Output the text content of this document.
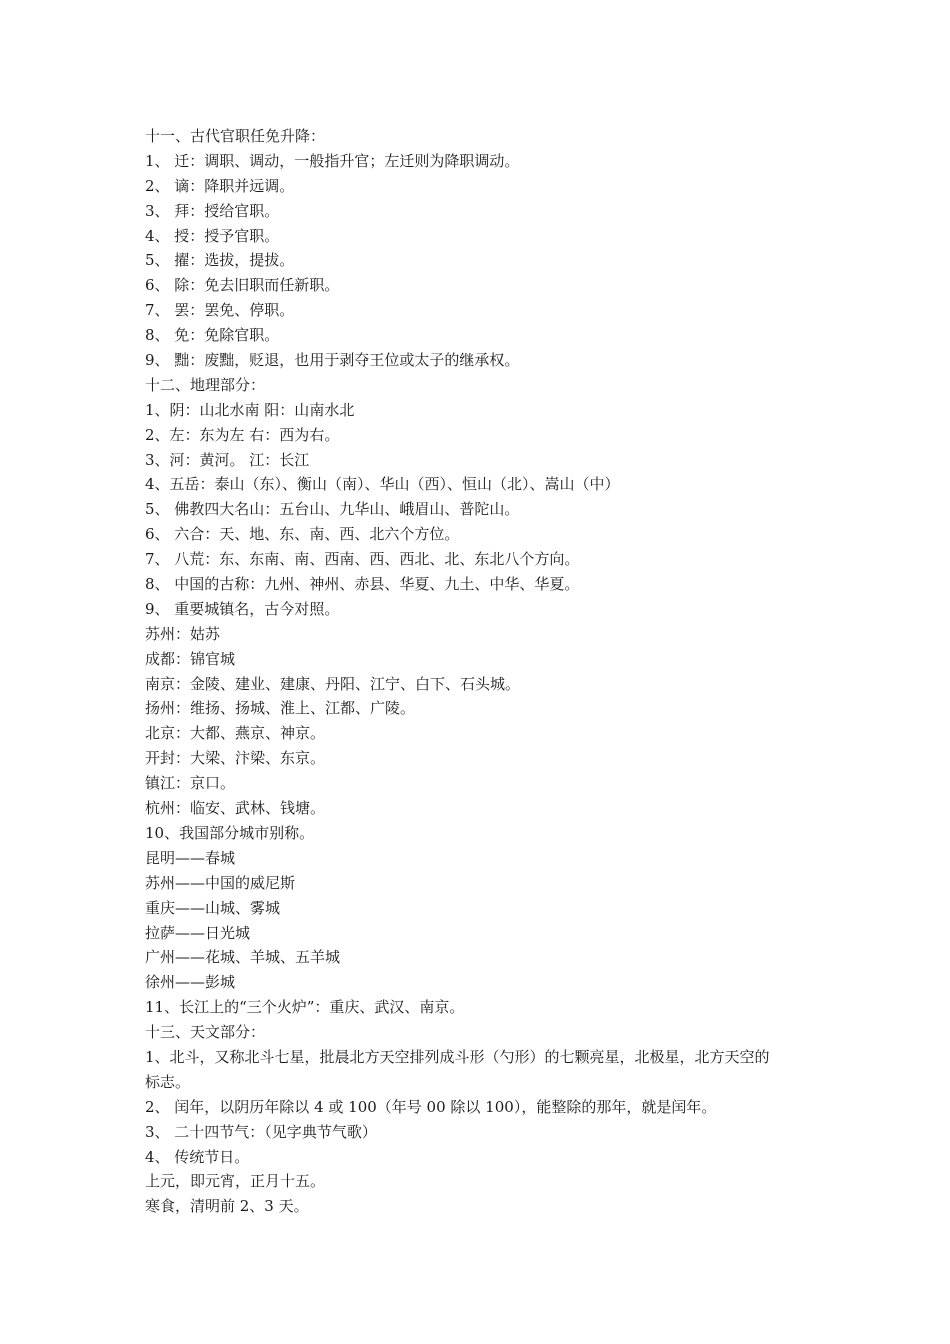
十一、古代官职任免升降：
1、 迁：调职、调动，一般指升官；左迁则为降职调动。
2、 谪：降职并远调。
3、 拜：授给官职。
4、 授：授予官职。
5、 擢：选拔，提拔。
6、 除：免去旧职而任新职。
7、 罢：罢免、停职。
8、 免：免除官职。
9、 黜：废黜，贬退，也用于剥夺王位或太子的继承权。
十二、地理部分：
1、阴：山北水南 阳：山南水北
2、左：东为左 右：西为右。
3、河：黄河。 江：长江
4、五岳：泰山（东）、衡山（南）、华山（西）、恒山（北）、嵩山（中）
5、 佛教四大名山：五台山、九华山、峨眉山、普陀山。
6、 六合：天、地、东、南、西、北六个方位。
7、 八荒：东、东南、南、西南、西、西北、北、东北八个方向。
8、 中国的古称：九州、神州、赤县、华夏、九土、中华、华夏。
9、 重要城镇名，古今对照。
苏州：姑苏
成都：锦官城
南京：金陵、建业、建康、丹阳、江宁、白下、石头城。
扬州：维扬、扬城、淮上、江都、广陵。
北京：大都、燕京、神京。
开封：大梁、汴梁、东京。
镇江：京口。
杭州：临安、武林、钱塘。
10、我国部分城市别称。
昆明——春城
苏州——中国的威尼斯
重庆——山城、雾城
拉萨——日光城
广州——花城、羊城、五羊城
徐州——彭城
11、长江上的“三个火炉”：重庆、武汉、南京。
十三、天文部分：
1、北斗，又称北斗七星，批晨北方天空排列成斗形（勺形）的七颗亮星，北极星，北方天空的
标志。
2、 闰年，以阴历年除以 4 或 100（年号 00 除以 100），能整除的那年，就是闰年。
3、 二十四节气：（见字典节气歌）
4、 传统节日。
上元，即元宵，正月十五。
寒食，清明前 2、3 天。
